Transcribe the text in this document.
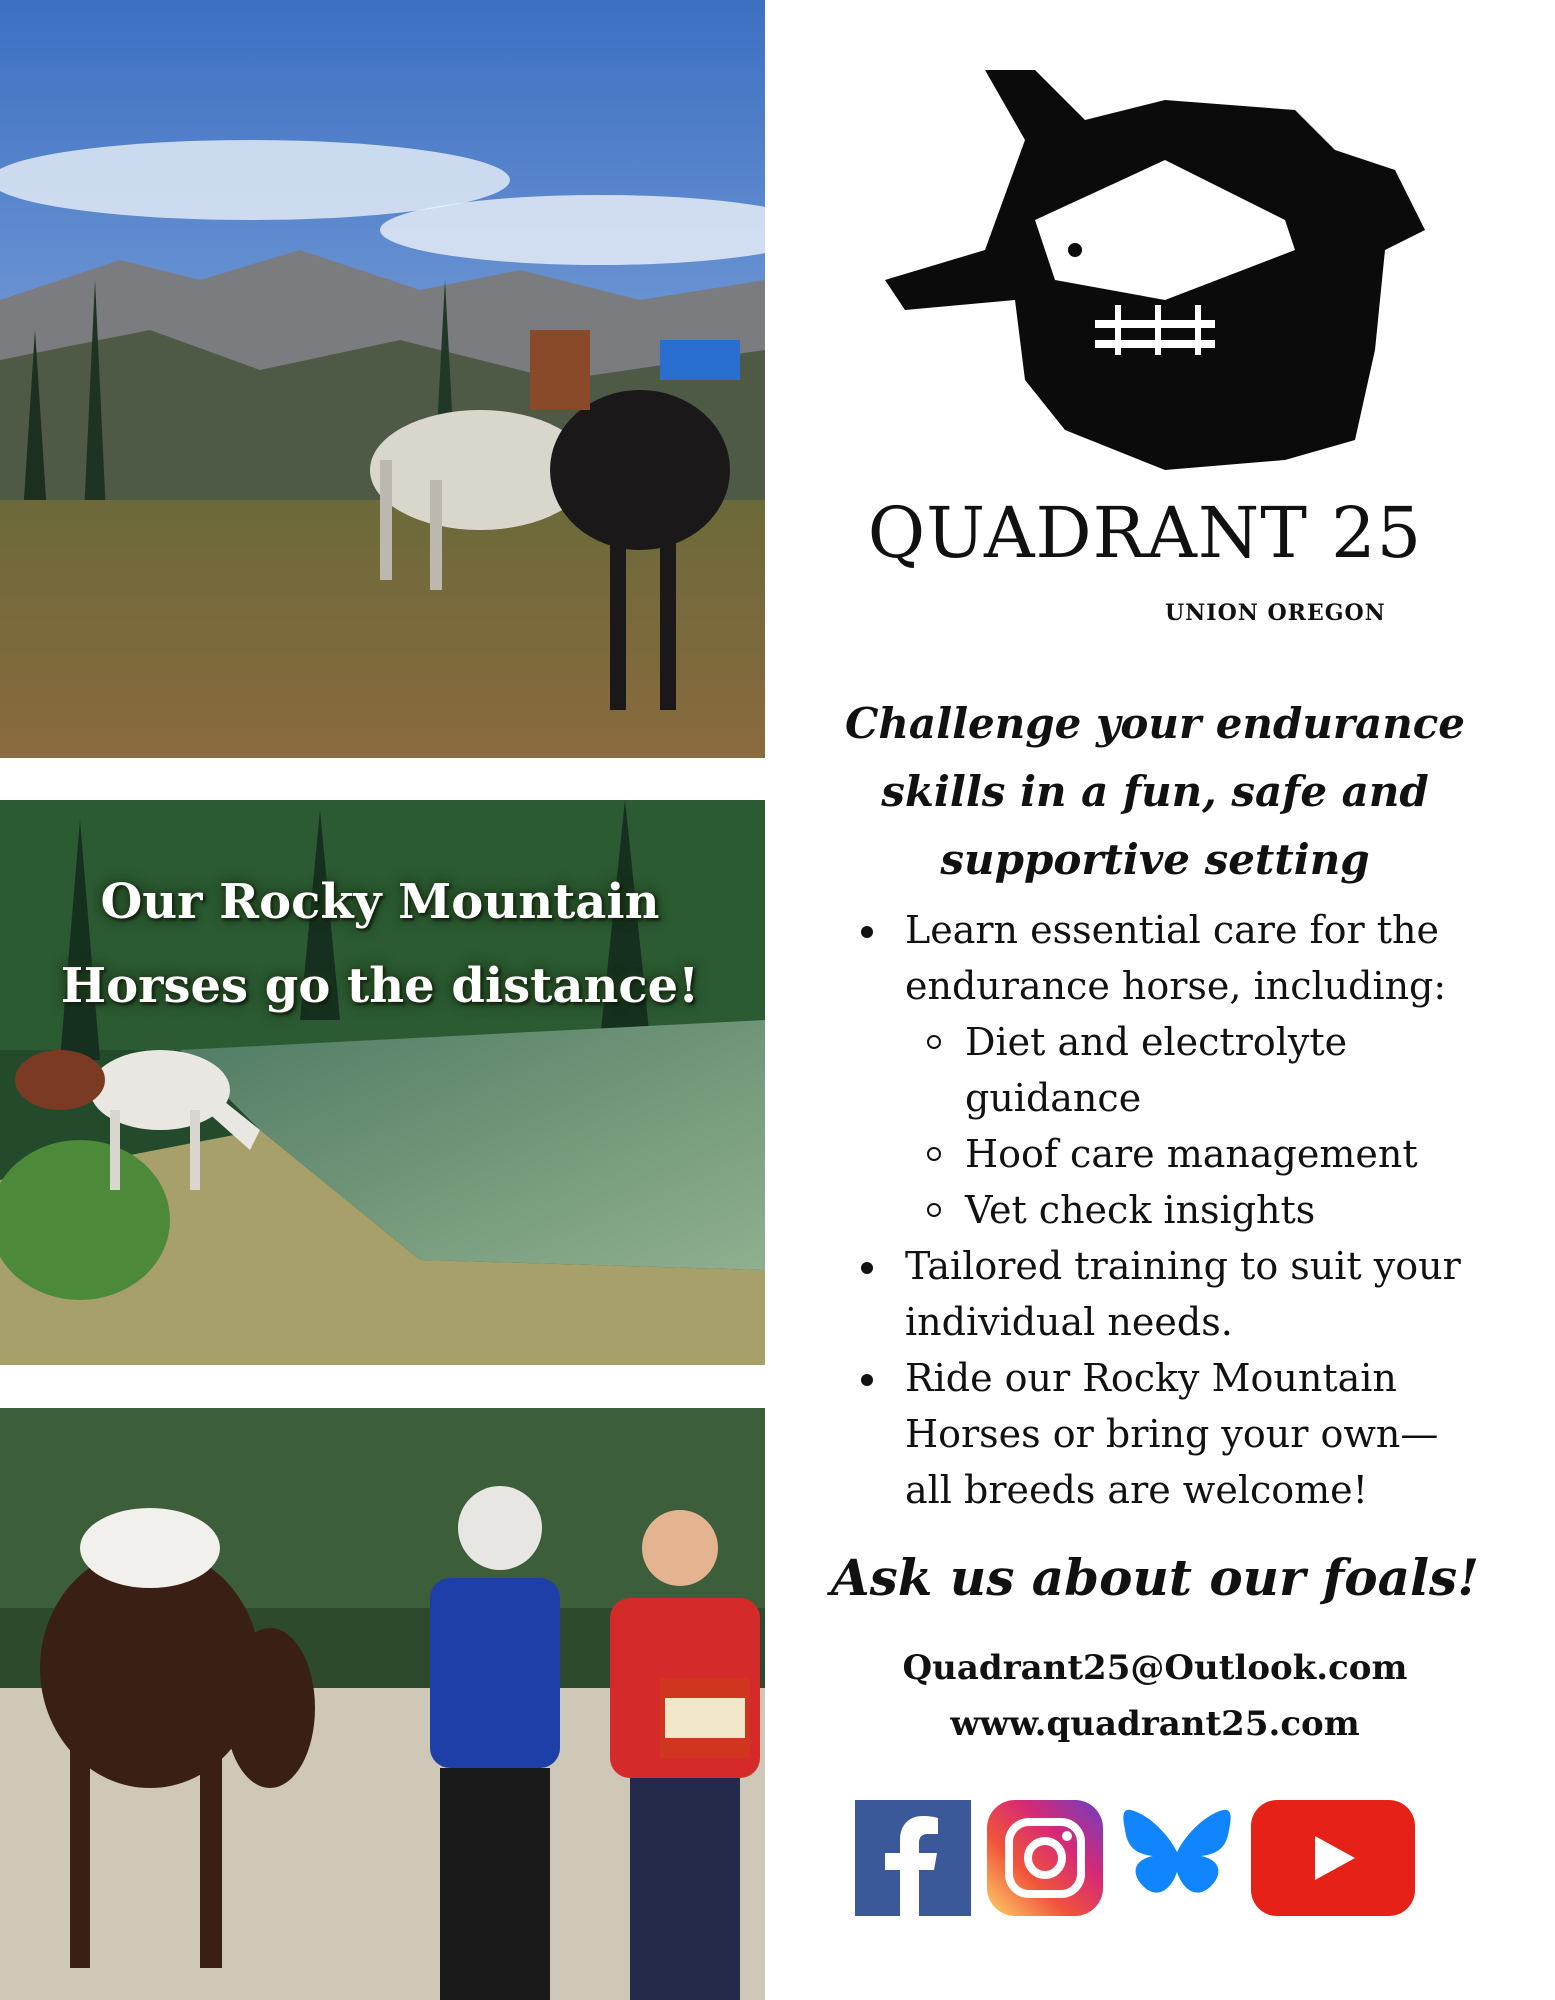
Our Rocky Mountain
Horses go the distance!
QUADRANT 25
UNION OREGON
Challenge your endurance
skills in a fun, safe and
supportive setting
Learn essential care for the
endurance horse, including:
Diet and electrolyte
guidance
Hoof care management
Vet check insights
Tailored training to suit your
individual needs.
Ride our Rocky Mountain
Horses or bring your own—
all breeds are welcome!
Ask us about our foals!
Quadrant25@Outlook.com
www.quadrant25.com
